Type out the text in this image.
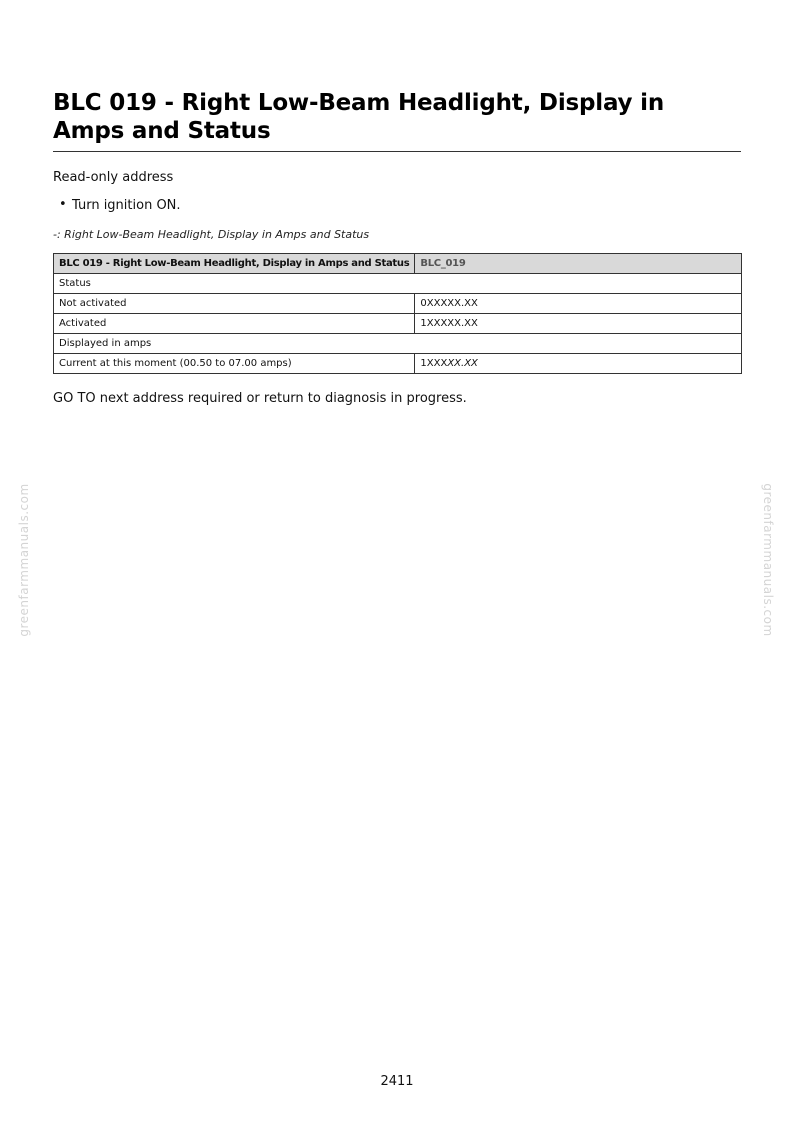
BLC 019 - Right Low-Beam Headlight, Display in Amps and Status
Read-only address
• Turn ignition ON.
-: Right Low-Beam Headlight, Display in Amps and Status
BLC 019 - Right Low-Beam Headlight, Display in Amps and Status	BLC_019
Status	
Not activated	0XXXXX.XX
Activated	1XXXXX.XX
Displayed in amps	
Current at this moment (00.50 to 07.00 amps)	1XXXXX.XX
GO TO next address required or return to diagnosis in progress.
greenfarmmanuals.com	greenfarmmanuals.com
2411
